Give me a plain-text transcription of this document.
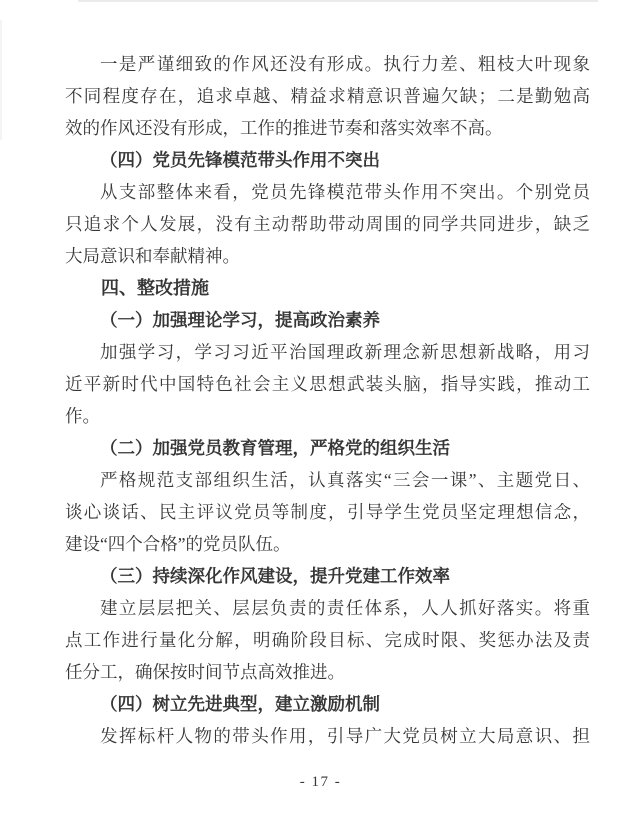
一是严谨细致的作风还没有形成。执行力差、粗枝大叶现象
不同程度存在，追求卓越、精益求精意识普遍欠缺；二是勤勉高
效的作风还没有形成，工作的推进节奏和落实效率不高。
（四）党员先锋模范带头作用不突出
从支部整体来看，党员先锋模范带头作用不突出。个别党员
只追求个人发展，没有主动帮助带动周围的同学共同进步，缺乏
大局意识和奉献精神。
四、整改措施
（一）加强理论学习，提高政治素养
加强学习，学习习近平治国理政新理念新思想新战略，用习
近平新时代中国特色社会主义思想武装头脑，指导实践，推动工
作。
（二）加强党员教育管理，严格党的组织生活
严格规范支部组织生活，认真落实“三会一课”、主题党日、
谈心谈话、民主评议党员等制度，引导学生党员坚定理想信念，
建设“四个合格”的党员队伍。
（三）持续深化作风建设，提升党建工作效率
建立层层把关、层层负责的责任体系，人人抓好落实。将重
点工作进行量化分解，明确阶段目标、完成时限、奖惩办法及责
任分工，确保按时间节点高效推进。
（四）树立先进典型，建立激励机制
发挥标杆人物的带头作用，引导广大党员树立大局意识、担
- 17 -
